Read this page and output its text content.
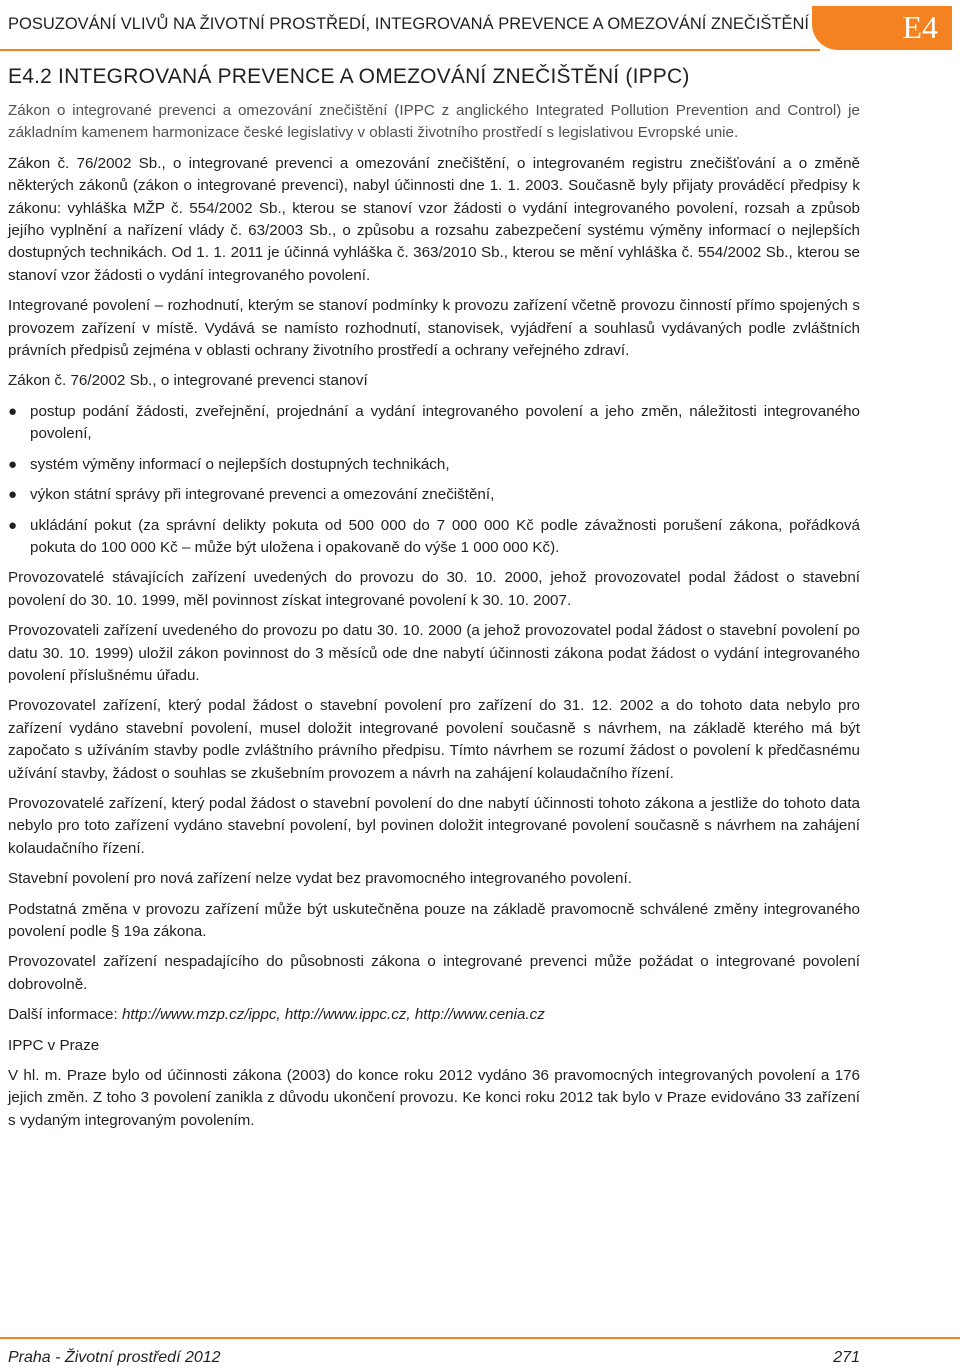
POSUZOVÁNÍ VLIVŮ NA ŽIVOTNÍ PROSTŘEDÍ, INTEGROVANÁ PREVENCE A OMEZOVÁNÍ ZNEČIŠTĚNÍ	E4
E4.2 INTEGROVANÁ PREVENCE A OMEZOVÁNÍ ZNEČIŠTĚNÍ (IPPC)

Zákon o integrované prevenci a omezování znečištění (IPPC z anglického Integrated Pollution Prevention and Control) je základním kamenem harmonizace české legislativy v oblasti životního prostředí s legislativou Evropské unie.

Zákon č. 76/2002 Sb., o integrované prevenci a omezování znečištění, o integrovaném registru znečišťování a o změně některých zákonů (zákon o integrované prevenci), nabyl účinnosti dne 1. 1. 2003. Současně byly přijaty prováděcí předpisy k zákonu: vyhláška MŽP č. 554/2002 Sb., kterou se stanoví vzor žádosti o vydání integrovaného povolení, rozsah a způsob jejího vyplnění a nařízení vlády č. 63/2003 Sb., o způsobu a rozsahu zabezpečení systému výměny informací o nejlepších dostupných technikách. Od 1. 1. 2011 je účinná vyhláška č. 363/2010 Sb., kterou se mění vyhláška č. 554/2002 Sb., kterou se stanoví vzor žádosti o vydání integrovaného povolení.

Integrované povolení – rozhodnutí, kterým se stanoví podmínky k provozu zařízení včetně provozu činností přímo spojených s provozem zařízení v místě. Vydává se namísto rozhodnutí, stanovisek, vyjádření a souhlasů vydávaných podle zvláštních právních předpisů zejména v oblasti ochrany životního prostředí a ochrany veřejného zdraví.

Zákon č. 76/2002 Sb., o integrované prevenci stanoví

● postup podání žádosti, zveřejnění, projednání a vydání integrovaného povolení a jeho změn, náležitosti integrovaného povolení,
● systém výměny informací o nejlepších dostupných technikách,
● výkon státní správy při integrované prevenci a omezování znečištění,
● ukládání pokut (za správní delikty pokuta od 500 000 do 7 000 000 Kč podle závažnosti porušení zákona, pořádková pokuta do 100 000 Kč – může být uložena i opakovaně do výše 1 000 000 Kč).

Provozovatelé stávajících zařízení uvedených do provozu do 30. 10. 2000, jehož provozovatel podal žádost o stavební povolení do 30. 10. 1999, měl povinnost získat integrované povolení k 30. 10. 2007.

Provozovateli zařízení uvedeného do provozu po datu 30. 10. 2000 (a jehož provozovatel podal žádost o stavební povolení po datu 30. 10. 1999) uložil zákon povinnost do 3 měsíců ode dne nabytí účinnosti zákona podat žádost o vydání integrovaného povolení příslušnému úřadu.

Provozovatel zařízení, který podal žádost o stavební povolení pro zařízení do 31. 12. 2002 a do tohoto data nebylo pro zařízení vydáno stavební povolení, musel doložit integrované povolení současně s návrhem, na základě kterého má být započato s užíváním stavby podle zvláštního právního předpisu. Tímto návrhem se rozumí žádost o povolení k předčasnému užívání stavby, žádost o souhlas se zkušebním provozem a návrh na zahájení kolaudačního řízení.

Provozovatelé zařízení, který podal žádost o stavební povolení do dne nabytí účinnosti tohoto zákona a jestliže do tohoto data nebylo pro toto zařízení vydáno stavební povolení, byl povinen doložit integrované povolení současně s návrhem na zahájení kolaudačního řízení.

Stavební povolení pro nová zařízení nelze vydat bez pravomocného integrovaného povolení.

Podstatná změna v provozu zařízení může být uskutečněna pouze na základě pravomocně schválené změny integrovaného povolení podle § 19a zákona.

Provozovatel zařízení nespadajícího do působnosti zákona o integrované prevenci může požádat o integrované povolení dobrovolně.

Další informace: http://www.mzp.cz/ippc, http://www.ippc.cz, http://www.cenia.cz

IPPC v Praze

V hl. m. Praze bylo od účinnosti zákona (2003) do konce roku 2012 vydáno 36 pravomocných integrovaných povolení a 176 jejich změn. Z toho 3 povolení zanikla z důvodu ukončení provozu. Ke konci roku 2012 tak bylo v Praze evidováno 33 zařízení s vydaným integrovaným povolením.

Praha - Životní prostředí 2012	271
